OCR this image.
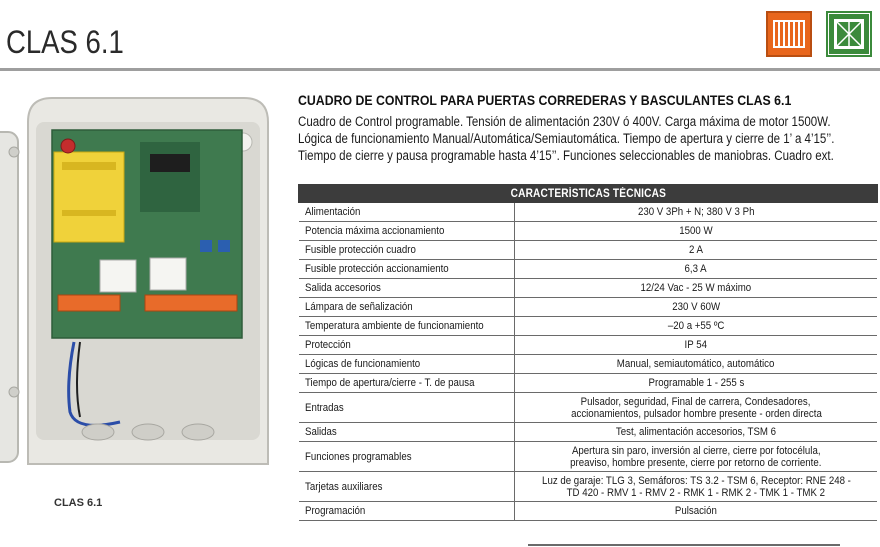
CLAS 6.1
CLAS 6.1
CUADRO DE CONTROL PARA PUERTAS CORREDERAS Y BASCULANTES CLAS 6.1
Cuadro de Control programable. Tensión de alimentación 230V ó 400V. Carga máxima de motor 1500W.
Lógica de funcionamiento Manual/Automática/Semiautomática. Tiempo de apertura y cierre de 1’ a 4’15’’.
Tiempo de cierre y pausa programable hasta 4’15’’. Funciones seleccionables de maniobras. Cuadro ext.
CARACTERÍSTICAS TÉCNICAS	
Alimentación	230 V 3Ph + N; 380 V 3 Ph

Potencia máxima accionamiento	1500 W

Fusible protección cuadro	2 A

Fusible protección accionamiento	6,3 A

Salida accesorios	12/24 Vac - 25 W máximo

Lámpara de señalización	230 V 60W

Temperatura ambiente de funcionamiento	–20 a +55 ºC

Protección	IP 54

Lógicas de funcionamiento	Manual, semiautomático, automático

Tiempo de apertura/cierre - T. de pausa	Programable 1 - 255 s

Entradas	Pulsador, seguridad, Final de carrera, Condesadores,
accionamientos, pulsador hombre presente - orden directa

Salidas	Test, alimentación accesorios, TSM 6

Funciones programables	Apertura sin paro, inversión al cierre, cierre por fotocélula,
preaviso, hombre presente, cierre por retorno de corriente.

Tarjetas auxiliares	Luz de garaje: TLG 3, Semáforos: TS 3.2 - TSM 6, Receptor: RNE 248 -
TD 420 - RMV 1 - RMV 2 - RMK 1 - RMK 2 - TMK 1 - TMK 2

Programación	Pulsación
